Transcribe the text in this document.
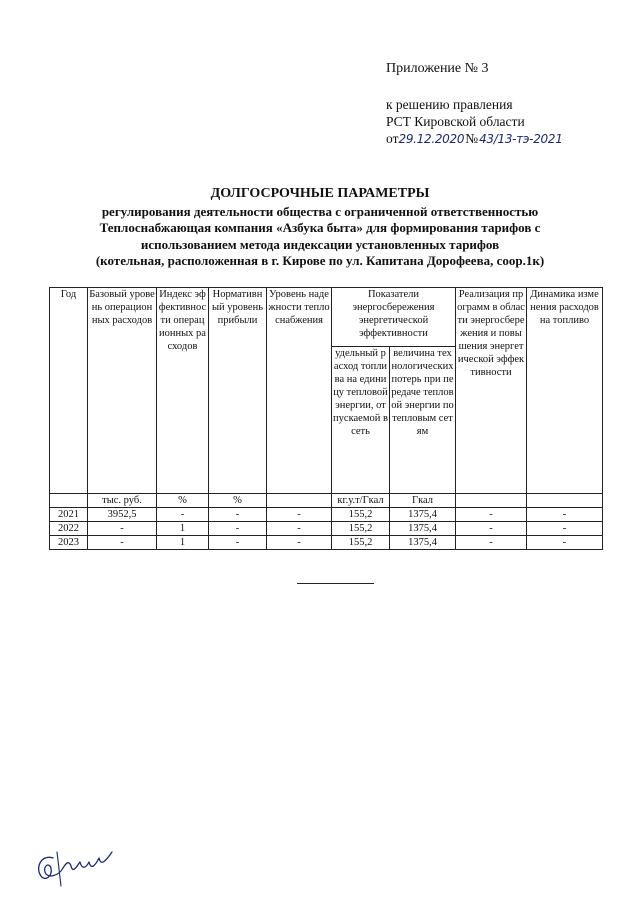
Приложение № 3
к решению правления
РСТ Кировской области
от 29.12.2020 № 43/13-тэ-2021
ДОЛГОСРОЧНЫЕ ПАРАМЕТРЫ
регулирования деятельности общества с ограниченной ответственностью
Теплоснабжающая компания «Азбука быта» для формирования тарифов с
использованием метода индексации установленных тарифов
(котельная, расположенная в г. Кирове по ул. Капитана Дорофеева, соор.1к)
Год	Базовый уровень операционных расходов	Индекс эффективности операционных расходов	Нормативный уровень прибыли	Уровень надежности теплоснабжения	Показатели энергосбережения энергетической эффективности		Реализация программ в области энергосбережения и повышения энергетической эффективности	Динамика изменения расходов на топливо
					удельный расход топлива на единицу тепловой энергии, отпускаемой в сеть	величина технологических потерь при передаче тепловой энергии по тепловым сетям		
	тыс. руб.	%	%		кг.у.т/Гкал	Гкал		
2021	3952,5	-	-	-	155,2	1375,4	-	-
2022	-	1	-	-	155,2	1375,4	-	-
2023	-	1	-	-	155,2	1375,4	-	-
